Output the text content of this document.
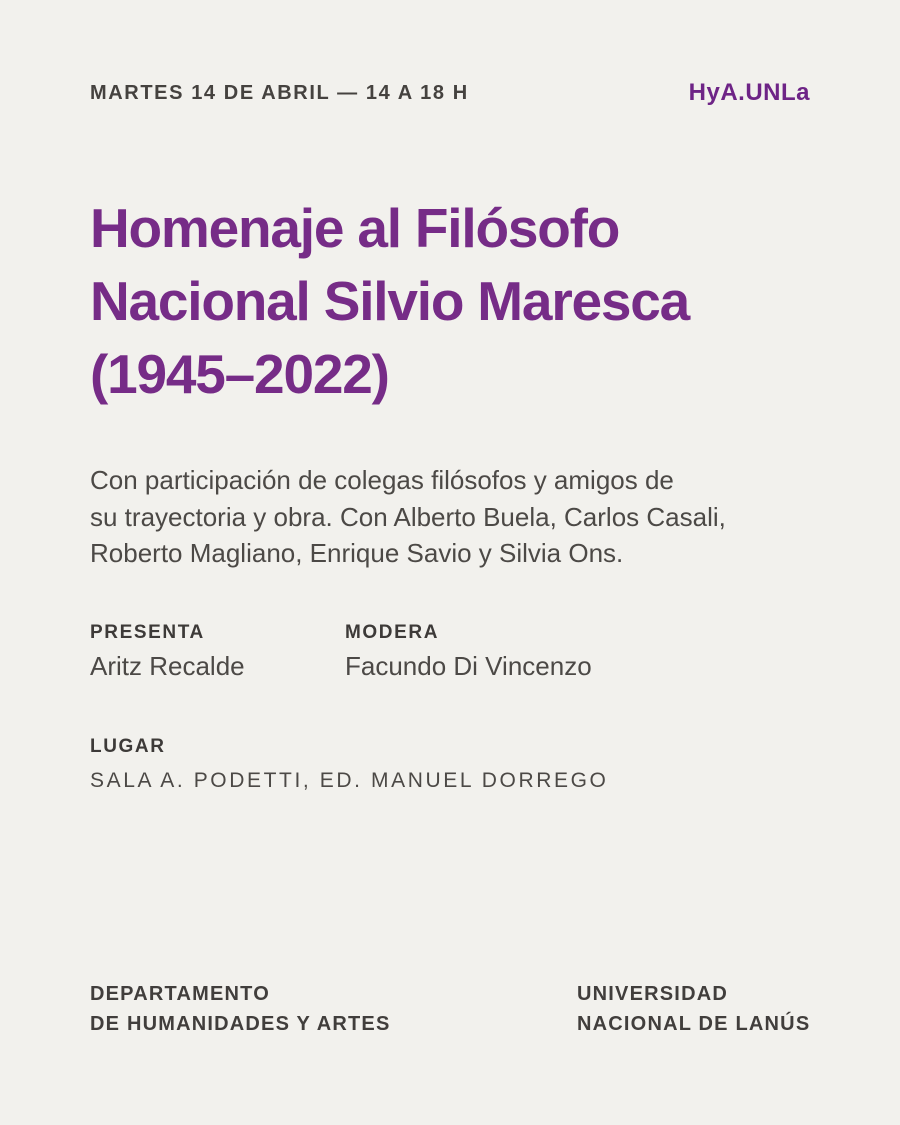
MARTES 14 DE ABRIL — 14 A 18 H	HyA.UNLa
Homenaje al Filósofo
Nacional Silvio Maresca
(1945–2022)
Con participación de colegas filósofos y amigos de
su trayectoria y obra. Con Alberto Buela, Carlos Casali,
Roberto Magliano, Enrique Savio y Silvia Ons.
PRESENTA
Aritz Recalde
MODERA
Facundo Di Vincenzo
LUGAR
SALA A. PODETTI, ED. MANUEL DORREGO
DEPARTAMENTO
DE HUMANIDADES Y ARTES
UNIVERSIDAD
NACIONAL DE LANÚS
